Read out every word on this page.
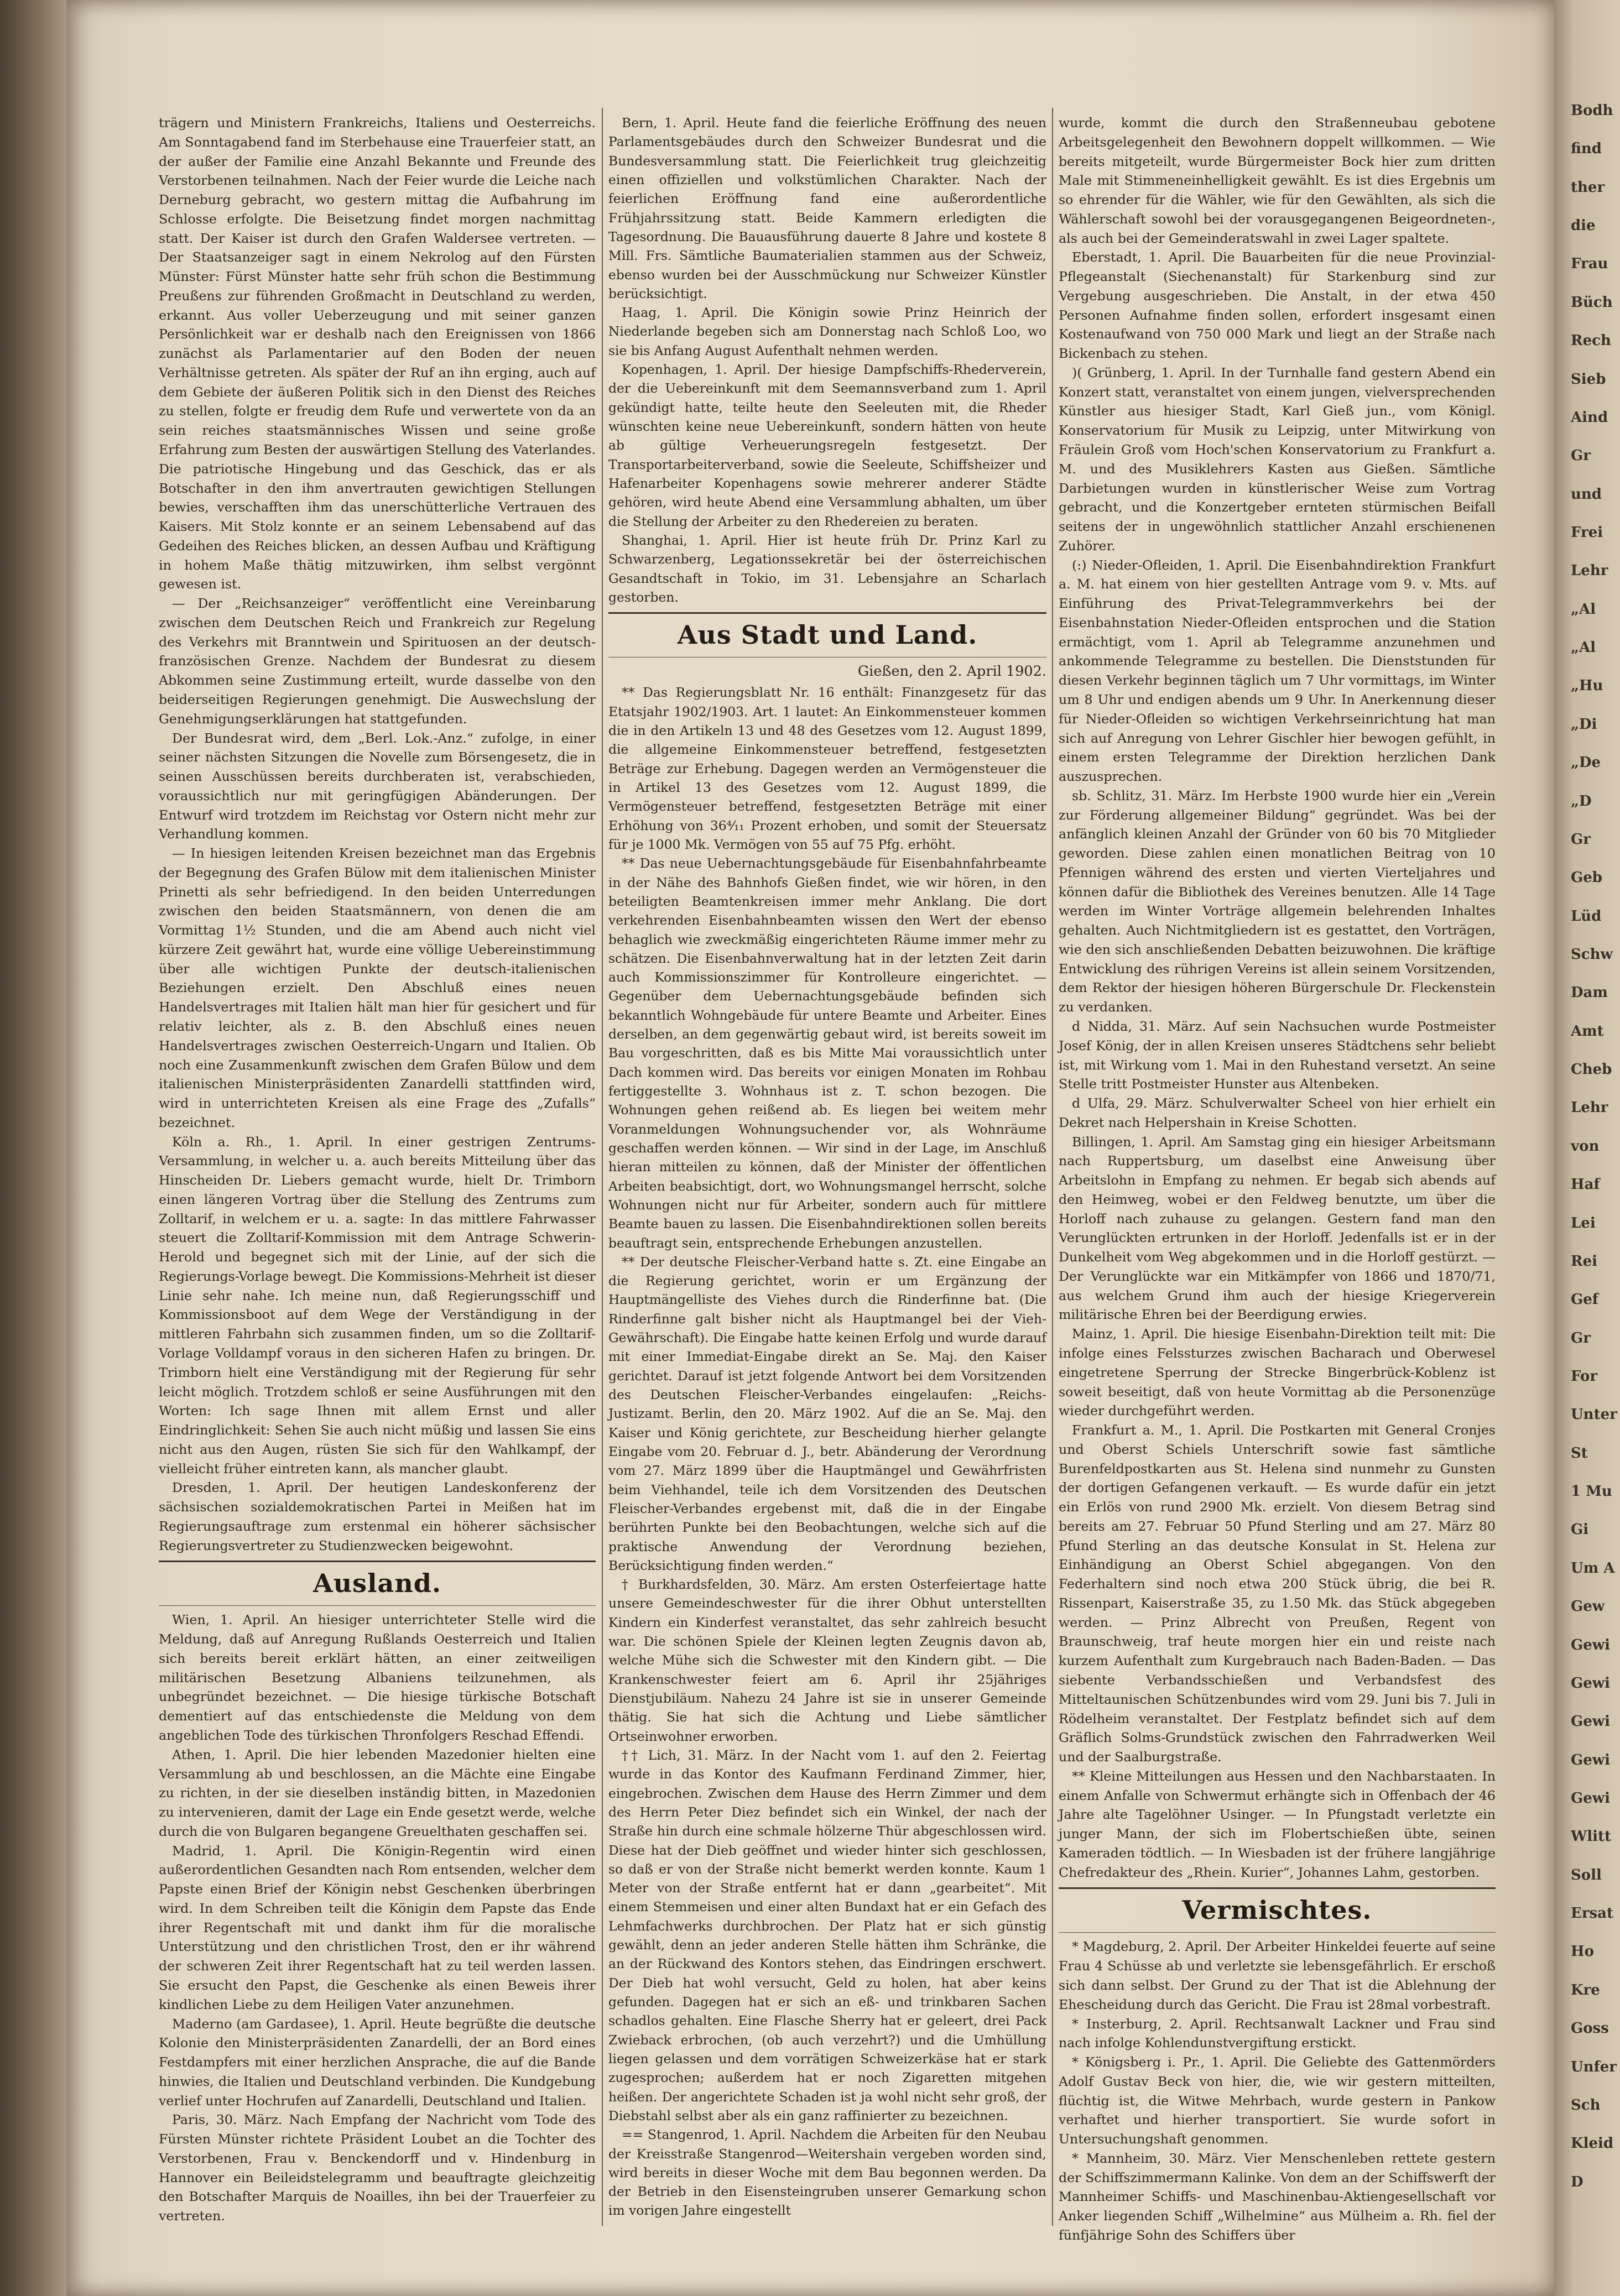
trägern und Ministern Frankreichs, Italiens und Oesterreichs. Am Sonntagabend fand im Sterbehause eine Trauerfeier statt, an der außer der Familie eine Anzahl Bekannte und Freunde des Verstorbenen teilnahmen. Nach der Feier wurde die Leiche nach Derneburg gebracht, wo gestern mittag die Aufbahrung im Schlosse erfolgte. Die Beisetzung findet morgen nachmittag statt. Der Kaiser ist durch den Grafen Waldersee vertreten. — Der Staatsanzeiger sagt in einem Nekrolog auf den Fürsten Münster: Fürst Münster hatte sehr früh schon die Bestimmung Preußens zur führenden Großmacht in Deutschland zu werden, erkannt. Aus voller Ueberzeugung und mit seiner ganzen Persönlichkeit war er deshalb nach den Ereignissen von 1866 zunächst als Parlamentarier auf den Boden der neuen Verhältnisse getreten. Als später der Ruf an ihn erging, auch auf dem Gebiete der äußeren Politik sich in den Dienst des Reiches zu stellen, folgte er freudig dem Rufe und verwertete von da an sein reiches staatsmännisches Wissen und seine große Erfahrung zum Besten der auswärtigen Stellung des Vaterlandes. Die patriotische Hingebung und das Geschick, das er als Botschafter in den ihm anvertrauten gewichtigen Stellungen bewies, verschafften ihm das unerschütterliche Vertrauen des Kaisers. Mit Stolz konnte er an seinem Lebensabend auf das Gedeihen des Reiches blicken, an dessen Aufbau und Kräftigung in hohem Maße thätig mitzuwirken, ihm selbst vergönnt gewesen ist.

— Der „Reichsanzeiger“ veröffentlicht eine Vereinbarung zwischen dem Deutschen Reich und Frankreich zur Regelung des Verkehrs mit Branntwein und Spirituosen an der deutsch-französischen Grenze. Nachdem der Bundesrat zu diesem Abkommen seine Zustimmung erteilt, wurde dasselbe von den beiderseitigen Regierungen genehmigt. Die Auswechslung der Genehmigungserklärungen hat stattgefunden.

Der Bundesrat wird, dem „Berl. Lok.-Anz.“ zufolge, in einer seiner nächsten Sitzungen die Novelle zum Börsengesetz, die in seinen Ausschüssen bereits durchberaten ist, verabschieden, voraussichtlich nur mit geringfügigen Abänderungen. Der Entwurf wird trotzdem im Reichstag vor Ostern nicht mehr zur Verhandlung kommen.

— In hiesigen leitenden Kreisen bezeichnet man das Ergebnis der Begegnung des Grafen Bülow mit dem italienischen Minister Prinetti als sehr befriedigend. In den beiden Unterredungen zwischen den beiden Staatsmännern, von denen die am Vormittag 1½ Stunden, und die am Abend auch nicht viel kürzere Zeit gewährt hat, wurde eine völlige Uebereinstimmung über alle wichtigen Punkte der deutsch-italienischen Beziehungen erzielt. Den Abschluß eines neuen Handelsvertrages mit Italien hält man hier für gesichert und für relativ leichter, als z. B. den Abschluß eines neuen Handelsvertrages zwischen Oesterreich-Ungarn und Italien. Ob noch eine Zusammenkunft zwischen dem Grafen Bülow und dem italienischen Ministerpräsidenten Zanardelli stattfinden wird, wird in unterrichteten Kreisen als eine Frage des „Zufalls“ bezeichnet.

Köln a. Rh., 1. April. In einer gestrigen Zentrums-Versammlung, in welcher u. a. auch bereits Mitteilung über das Hinscheiden Dr. Liebers gemacht wurde, hielt Dr. Trimborn einen längeren Vortrag über die Stellung des Zentrums zum Zolltarif, in welchem er u. a. sagte: In das mittlere Fahrwasser steuert die Zolltarif-Kommission mit dem Antrage Schwerin-Herold und begegnet sich mit der Linie, auf der sich die Regierungs-Vorlage bewegt. Die Kommissions-Mehrheit ist dieser Linie sehr nahe. Ich meine nun, daß Regierungsschiff und Kommissionsboot auf dem Wege der Verständigung in der mittleren Fahrbahn sich zusammen finden, um so die Zolltarif-Vorlage Volldampf voraus in den sicheren Hafen zu bringen. Dr. Trimborn hielt eine Verständigung mit der Regierung für sehr leicht möglich. Trotzdem schloß er seine Ausführungen mit den Worten: Ich sage Ihnen mit allem Ernst und aller Eindringlichkeit: Sehen Sie auch nicht müßig und lassen Sie eins nicht aus den Augen, rüsten Sie sich für den Wahlkampf, der vielleicht früher eintreten kann, als mancher glaubt.

Dresden, 1. April. Der heutigen Landeskonferenz der sächsischen sozialdemokratischen Partei in Meißen hat im Regierungsauftrage zum erstenmal ein höherer sächsischer Regierungsvertreter zu Studienzwecken beigewohnt.

Ausland.

Wien, 1. April. An hiesiger unterrichteter Stelle wird die Meldung, daß auf Anregung Rußlands Oesterreich und Italien sich bereits bereit erklärt hätten, an einer zeitweiligen militärischen Besetzung Albaniens teilzunehmen, als unbegründet bezeichnet. — Die hiesige türkische Botschaft dementiert auf das entschiedenste die Meldung von dem angeblichen Tode des türkischen Thronfolgers Reschad Effendi.

Athen, 1. April. Die hier lebenden Mazedonier hielten eine Versammlung ab und beschlossen, an die Mächte eine Eingabe zu richten, in der sie dieselben inständig bitten, in Mazedonien zu intervenieren, damit der Lage ein Ende gesetzt werde, welche durch die von Bulgaren begangene Greuelthaten geschaffen sei.

Madrid, 1. April. Die Königin-Regentin wird einen außerordentlichen Gesandten nach Rom entsenden, welcher dem Papste einen Brief der Königin nebst Geschenken überbringen wird. In dem Schreiben teilt die Königin dem Papste das Ende ihrer Regentschaft mit und dankt ihm für die moralische Unterstützung und den christlichen Trost, den er ihr während der schweren Zeit ihrer Regentschaft hat zu teil werden lassen. Sie ersucht den Papst, die Geschenke als einen Beweis ihrer kindlichen Liebe zu dem Heiligen Vater anzunehmen.

Maderno (am Gardasee), 1. April. Heute begrüßte die deutsche Kolonie den Ministerpräsidenten Zanardelli, der an Bord eines Festdampfers mit einer herzlichen Ansprache, die auf die Bande hinwies, die Italien und Deutschland verbinden. Die Kundgebung verlief unter Hochrufen auf Zanardelli, Deutschland und Italien.

Paris, 30. März. Nach Empfang der Nachricht vom Tode des Fürsten Münster richtete Präsident Loubet an die Tochter des Verstorbenen, Frau v. Benckendorff und v. Hindenburg in Hannover ein Beileidstelegramm und beauftragte gleichzeitig den Botschafter Marquis de Noailles, ihn bei der Trauerfeier zu vertreten.

Bern, 1. April. Heute fand die feierliche Eröffnung des neuen Parlamentsgebäudes durch den Schweizer Bundesrat und die Bundesversammlung statt. Die Feierlichkeit trug gleichzeitig einen offiziellen und volkstümlichen Charakter. Nach der feierlichen Eröffnung fand eine außerordentliche Frühjahrssitzung statt. Beide Kammern erledigten die Tagesordnung. Die Bauausführung dauerte 8 Jahre und kostete 8 Mill. Frs. Sämtliche Baumaterialien stammen aus der Schweiz, ebenso wurden bei der Ausschmückung nur Schweizer Künstler berücksichtigt.

Haag, 1. April. Die Königin sowie Prinz Heinrich der Niederlande begeben sich am Donnerstag nach Schloß Loo, wo sie bis Anfang August Aufenthalt nehmen werden.

Kopenhagen, 1. April. Der hiesige Dampfschiffs-Rhederverein, der die Uebereinkunft mit dem Seemannsverband zum 1. April gekündigt hatte, teilte heute den Seeleuten mit, die Rheder wünschten keine neue Uebereinkunft, sondern hätten von heute ab gültige Verheuerungsregeln festgesetzt. Der Transportarbeiterverband, sowie die Seeleute, Schiffsheizer und Hafenarbeiter Kopenhagens sowie mehrerer anderer Städte gehören, wird heute Abend eine Versammlung abhalten, um über die Stellung der Arbeiter zu den Rhedereien zu beraten.

Shanghai, 1. April. Hier ist heute früh Dr. Prinz Karl zu Schwarzenberg, Legationssekretär bei der österreichischen Gesandtschaft in Tokio, im 31. Lebensjahre an Scharlach gestorben.

Aus Stadt und Land.
Gießen, den 2. April 1902.

** Das Regierungsblatt Nr. 16 enthält: Finanzgesetz für das Etatsjahr 1902/1903. Art. 1 lautet: An Einkommensteuer kommen die in den Artikeln 13 und 48 des Gesetzes vom 12. August 1899, die allgemeine Einkommensteuer betreffend, festgesetzten Beträge zur Erhebung. Dagegen werden an Vermögensteuer die in Artikel 13 des Gesetzes vom 12. August 1899, die Vermögensteuer betreffend, festgesetzten Beträge mit einer Erhöhung von 36⁴⁄₁₁ Prozent erhoben, und somit der Steuersatz für je 1000 Mk. Vermögen von 55 auf 75 Pfg. erhöht.

** Das neue Uebernachtungsgebäude für Eisenbahnfahrbeamte in der Nähe des Bahnhofs Gießen findet, wie wir hören, in den beteiligten Beamtenkreisen immer mehr Anklang. Die dort verkehrenden Eisenbahnbeamten wissen den Wert der ebenso behaglich wie zweckmäßig eingerichteten Räume immer mehr zu schätzen. Die Eisenbahnverwaltung hat in der letzten Zeit darin auch Kommissionszimmer für Kontrolleure eingerichtet. — Gegenüber dem Uebernachtungsgebäude befinden sich bekanntlich Wohngebäude für untere Beamte und Arbeiter. Eines derselben, an dem gegenwärtig gebaut wird, ist bereits soweit im Bau vorgeschritten, daß es bis Mitte Mai voraussichtlich unter Dach kommen wird. Das bereits vor einigen Monaten im Rohbau fertiggestellte 3. Wohnhaus ist z. T. schon bezogen. Die Wohnungen gehen reißend ab. Es liegen bei weitem mehr Voranmeldungen Wohnungsuchender vor, als Wohnräume geschaffen werden können. — Wir sind in der Lage, im Anschluß hieran mitteilen zu können, daß der Minister der öffentlichen Arbeiten beabsichtigt, dort, wo Wohnungsmangel herrscht, solche Wohnungen nicht nur für Arbeiter, sondern auch für mittlere Beamte bauen zu lassen. Die Eisenbahndirektionen sollen bereits beauftragt sein, entsprechende Erhebungen anzustellen.

** Der deutsche Fleischer-Verband hatte s. Zt. eine Eingabe an die Regierung gerichtet, worin er um Ergänzung der Hauptmängelliste des Viehes durch die Rinderfinne bat. (Die Rinderfinne galt bisher nicht als Hauptmangel bei der Vieh-Gewährschaft). Die Eingabe hatte keinen Erfolg und wurde darauf mit einer Immediat-Eingabe direkt an Se. Maj. den Kaiser gerichtet. Darauf ist jetzt folgende Antwort bei dem Vorsitzenden des Deutschen Fleischer-Verbandes eingelaufen: „Reichs-Justizamt. Berlin, den 20. März 1902. Auf die an Se. Maj. den Kaiser und König gerichtete, zur Bescheidung hierher gelangte Eingabe vom 20. Februar d. J., betr. Abänderung der Verordnung vom 27. März 1899 über die Hauptmängel und Gewährfristen beim Viehhandel, teile ich dem Vorsitzenden des Deutschen Fleischer-Verbandes ergebenst mit, daß die in der Eingabe berührten Punkte bei den Beobachtungen, welche sich auf die praktische Anwendung der Verordnung beziehen, Berücksichtigung finden werden.“

† Burkhardsfelden, 30. März. Am ersten Osterfeiertage hatte unsere Gemeindeschwester für die ihrer Obhut unterstellten Kindern ein Kinderfest veranstaltet, das sehr zahlreich besucht war. Die schönen Spiele der Kleinen legten Zeugnis davon ab, welche Mühe sich die Schwester mit den Kindern gibt. — Die Krankenschwester feiert am 6. April ihr 25jähriges Dienstjubiläum. Nahezu 24 Jahre ist sie in unserer Gemeinde thätig. Sie hat sich die Achtung und Liebe sämtlicher Ortseinwohner erworben.

†† Lich, 31. März. In der Nacht vom 1. auf den 2. Feiertag wurde in das Kontor des Kaufmann Ferdinand Zimmer, hier, eingebrochen. Zwischen dem Hause des Herrn Zimmer und dem des Herrn Peter Diez befindet sich ein Winkel, der nach der Straße hin durch eine schmale hölzerne Thür abgeschlossen wird. Diese hat der Dieb geöffnet und wieder hinter sich geschlossen, so daß er von der Straße nicht bemerkt werden konnte. Kaum 1 Meter von der Straße entfernt hat er dann „gearbeitet“. Mit einem Stemmeisen und einer alten Bundaxt hat er ein Gefach des Lehmfachwerks durchbrochen. Der Platz hat er sich günstig gewählt, denn an jeder anderen Stelle hätten ihm Schränke, die an der Rückwand des Kontors stehen, das Eindringen erschwert. Der Dieb hat wohl versucht, Geld zu holen, hat aber keins gefunden. Dagegen hat er sich an eß- und trinkbaren Sachen schadlos gehalten. Eine Flasche Sherry hat er geleert, drei Pack Zwieback erbrochen, (ob auch verzehrt?) und die Umhüllung liegen gelassen und dem vorrätigen Schweizerkäse hat er stark zugesprochen; außerdem hat er noch Zigaretten mitgehen heißen. Der angerichtete Schaden ist ja wohl nicht sehr groß, der Diebstahl selbst aber als ein ganz raffinierter zu bezeichnen.

== Stangenrod, 1. April. Nachdem die Arbeiten für den Neubau der Kreisstraße Stangenrod—Weitershain vergeben worden sind, wird bereits in dieser Woche mit dem Bau begonnen werden. Da der Betrieb in den Eisensteingruben unserer Gemarkung schon im vorigen Jahre eingestellt

wurde, kommt die durch den Straßenneubau gebotene Arbeitsgelegenheit den Bewohnern doppelt willkommen. — Wie bereits mitgeteilt, wurde Bürgermeister Bock hier zum dritten Male mit Stimmeneinhelligkeit gewählt. Es ist dies Ergebnis um so ehrender für die Wähler, wie für den Gewählten, als sich die Wählerschaft sowohl bei der vorausgegangenen Beigeordneten-, als auch bei der Gemeinderatswahl in zwei Lager spaltete.

Eberstadt, 1. April. Die Bauarbeiten für die neue Provinzial-Pflegeanstalt (Siechenanstalt) für Starkenburg sind zur Vergebung ausgeschrieben. Die Anstalt, in der etwa 450 Personen Aufnahme finden sollen, erfordert insgesamt einen Kostenaufwand von 750 000 Mark und liegt an der Straße nach Bickenbach zu stehen.

)( Grünberg, 1. April. In der Turnhalle fand gestern Abend ein Konzert statt, veranstaltet von einem jungen, vielversprechenden Künstler aus hiesiger Stadt, Karl Gieß jun., vom Königl. Konservatorium für Musik zu Leipzig, unter Mitwirkung von Fräulein Groß vom Hoch'schen Konservatorium zu Frankfurt a. M. und des Musiklehrers Kasten aus Gießen. Sämtliche Darbietungen wurden in künstlerischer Weise zum Vortrag gebracht, und die Konzertgeber ernteten stürmischen Beifall seitens der in ungewöhnlich stattlicher Anzahl erschienenen Zuhörer.

(:) Nieder-Ofleiden, 1. April. Die Eisenbahndirektion Frankfurt a. M. hat einem von hier gestellten Antrage vom 9. v. Mts. auf Einführung des Privat-Telegrammverkehrs bei der Eisenbahnstation Nieder-Ofleiden entsprochen und die Station ermächtigt, vom 1. April ab Telegramme anzunehmen und ankommende Telegramme zu bestellen. Die Dienststunden für diesen Verkehr beginnen täglich um 7 Uhr vormittags, im Winter um 8 Uhr und endigen abends um 9 Uhr. In Anerkennung dieser für Nieder-Ofleiden so wichtigen Verkehrseinrichtung hat man sich auf Anregung von Lehrer Gischler hier bewogen gefühlt, in einem ersten Telegramme der Direktion herzlichen Dank auszusprechen.

sb. Schlitz, 31. März. Im Herbste 1900 wurde hier ein „Verein zur Förderung allgemeiner Bildung“ gegründet. Was bei der anfänglich kleinen Anzahl der Gründer von 60 bis 70 Mitglieder geworden. Diese zahlen einen monatlichen Beitrag von 10 Pfennigen während des ersten und vierten Vierteljahres und können dafür die Bibliothek des Vereines benutzen. Alle 14 Tage werden im Winter Vorträge allgemein belehrenden Inhaltes gehalten. Auch Nichtmitgliedern ist es gestattet, den Vorträgen, wie den sich anschließenden Debatten beizuwohnen. Die kräftige Entwicklung des rührigen Vereins ist allein seinem Vorsitzenden, dem Rektor der hiesigen höheren Bürgerschule Dr. Fleckenstein zu verdanken.

d Nidda, 31. März. Auf sein Nachsuchen wurde Postmeister Josef König, der in allen Kreisen unseres Städtchens sehr beliebt ist, mit Wirkung vom 1. Mai in den Ruhestand versetzt. An seine Stelle tritt Postmeister Hunster aus Altenbeken.

d Ulfa, 29. März. Schulverwalter Scheel von hier erhielt ein Dekret nach Helpershain in Kreise Schotten.

Billingen, 1. April. Am Samstag ging ein hiesiger Arbeitsmann nach Ruppertsburg, um daselbst eine Anweisung über Arbeitslohn in Empfang zu nehmen. Er begab sich abends auf den Heimweg, wobei er den Feldweg benutzte, um über die Horloff nach zuhause zu gelangen. Gestern fand man den Verunglückten ertrunken in der Horloff. Jedenfalls ist er in der Dunkelheit vom Weg abgekommen und in die Horloff gestürzt. — Der Verunglückte war ein Mitkämpfer von 1866 und 1870/71, aus welchem Grund ihm auch der hiesige Kriegerverein militärische Ehren bei der Beerdigung erwies.

Mainz, 1. April. Die hiesige Eisenbahn-Direktion teilt mit: Die infolge eines Felssturzes zwischen Bacharach und Oberwesel eingetretene Sperrung der Strecke Bingerbrück-Koblenz ist soweit beseitigt, daß von heute Vormittag ab die Personenzüge wieder durchgeführt werden.

Frankfurt a. M., 1. April. Die Postkarten mit General Cronjes und Oberst Schiels Unterschrift sowie fast sämtliche Burenfeldpostkarten aus St. Helena sind nunmehr zu Gunsten der dortigen Gefangenen verkauft. — Es wurde dafür ein jetzt ein Erlös von rund 2900 Mk. erzielt. Von diesem Betrag sind bereits am 27. Februar 50 Pfund Sterling und am 27. März 80 Pfund Sterling an das deutsche Konsulat in St. Helena zur Einhändigung an Oberst Schiel abgegangen. Von den Federhaltern sind noch etwa 200 Stück übrig, die bei R. Rissenpart, Kaiserstraße 35, zu 1.50 Mk. das Stück abgegeben werden. — Prinz Albrecht von Preußen, Regent von Braunschweig, traf heute morgen hier ein und reiste nach kurzem Aufenthalt zum Kurgebrauch nach Baden-Baden. — Das siebente Verbandsschießen und Verbandsfest des Mitteltaunischen Schützenbundes wird vom 29. Juni bis 7. Juli in Rödelheim veranstaltet. Der Festplatz befindet sich auf dem Gräflich Solms-Grundstück zwischen den Fahrradwerken Weil und der Saalburgstraße.

** Kleine Mitteilungen aus Hessen und den Nachbarstaaten. In einem Anfalle von Schwermut erhängte sich in Offenbach der 46 Jahre alte Tagelöhner Usinger. — In Pfungstadt verletzte ein junger Mann, der sich im Flobertschießen übte, seinen Kameraden tödtlich. — In Wiesbaden ist der frühere langjährige Chefredakteur des „Rhein. Kurier“, Johannes Lahm, gestorben.

Vermischtes.

* Magdeburg, 2. April. Der Arbeiter Hinkeldei feuerte auf seine Frau 4 Schüsse ab und verletzte sie lebensgefährlich. Er erschoß sich dann selbst. Der Grund zu der That ist die Ablehnung der Ehescheidung durch das Gericht. Die Frau ist 28mal vorbestraft.

* Insterburg, 2. April. Rechtsanwalt Lackner und Frau sind nach infolge Kohlendunstvergiftung erstickt.

* Königsberg i. Pr., 1. April. Die Geliebte des Gattenmörders Adolf Gustav Beck von hier, die, wie wir gestern mitteilten, flüchtig ist, die Witwe Mehrbach, wurde gestern in Pankow verhaftet und hierher transportiert. Sie wurde sofort in Untersuchungshaft genommen.

* Mannheim, 30. März. Vier Menschenleben rettete gestern der Schiffszimmermann Kalinke. Von dem an der Schiffswerft der Mannheimer Schiffs- und Maschinenbau-Aktiengesellschaft vor Anker liegenden Schiff „Wilhelmine“ aus Mülheim a. Rh. fiel der fünfjährige Sohn des Schiffers über

Bodh
find
ther
die
Frau
Büch
Rech
Sieb
Aind
Gr
und
Frei
Lehr
„Al
„Al
„Hu
„Di
„De
„D
Gr
Geb
Lüd
Schw
Dam
Amt
Cheb
Lehr
von
Haf
Lei
Rei
Gef
Gr
For
Unter
St
1 Mu
Gi
Um A
Gew
Gewi
Gewi
Gewi
Gewi
Gewi
Wlitt
Soll
Ersat
Ho
Kre
Goss
Unfer
Sch
Kleid
D
